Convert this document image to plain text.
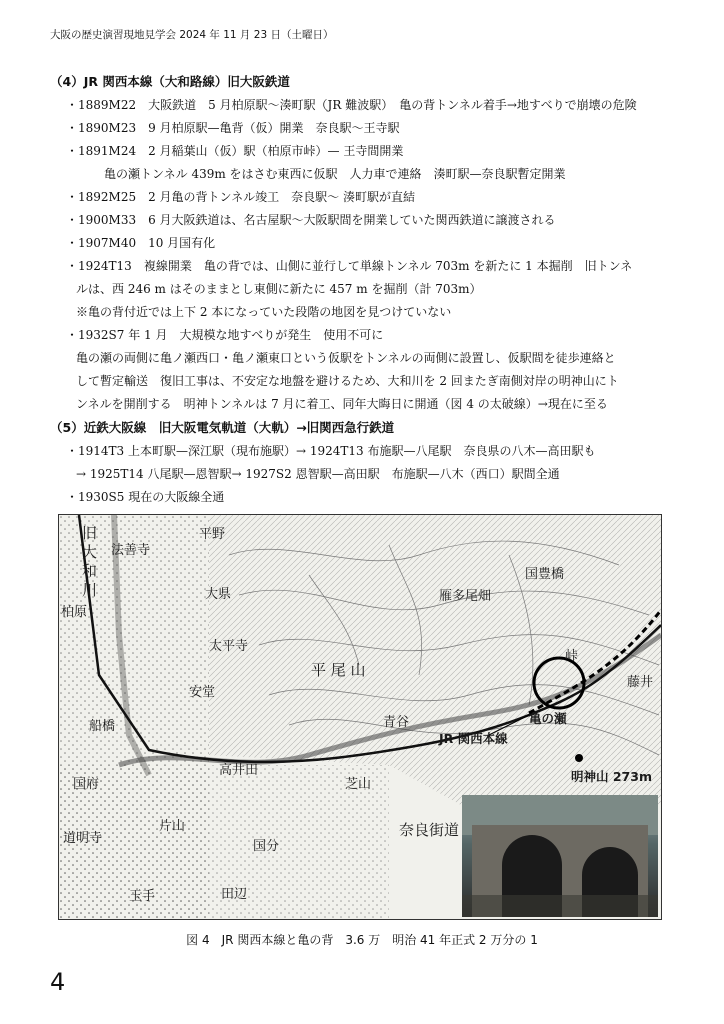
大阪の歴史演習現地見学会 2024 年 11 月 23 日（土曜日）
（4）JR 関西本線（大和路線）旧大阪鉄道
・1889M22　大阪鉄道　5 月柏原駅〜湊町駅（JR 難波駅）　亀の背トンネル着手→地すべりで崩壊の危険
・1890M23　9 月柏原駅—亀背（仮）開業　奈良駅〜王寺駅
・1891M24　2 月稲葉山（仮）駅（柏原市峠）— 王寺間開業
亀の瀬トンネル 439m をはさむ東西に仮駅　人力車で連絡　湊町駅—奈良駅暫定開業
・1892M25　2 月亀の背トンネル竣工　奈良駅〜 湊町駅が直結
・1900M33　6 月大阪鉄道は、名古屋駅〜大阪駅間を開業していた関西鉄道に譲渡される
・1907M40　10 月国有化
・1924T13　複線開業　亀の背では、山側に並行して単線トンネル 703m を新たに 1 本掘削　旧トンネ
ルは、西 246 m はそのままとし東側に新たに 457 m を掘削（計 703m）
※亀の背付近では上下 2 本になっていた段階の地図を見つけていない
・1932S7 年 1 月　大規模な地すべりが発生　使用不可に
亀の瀬の両側に亀ノ瀬西口・亀ノ瀬東口という仮駅をトンネルの両側に設置し、仮駅間を徒歩連絡と
して暫定輸送　復旧工事は、不安定な地盤を避けるため、大和川を 2 回またぎ南側対岸の明神山にト
ンネルを開削する　明神トンネルは 7 月に着工、同年大晦日に開通（図 4 の太破線）→現在に至る
（5）近鉄大阪線　旧大阪電気軌道（大軌）→旧関西急行鉄道
・1914T3 上本町駅—深江駅（現布施駅）→ 1924T13 布施駅—八尾駅　奈良県の八木—高田駅も
→ 1925T14 八尾駅—恩智駅→ 1927S2 恩智駅—高田駅　布施駅—八木（西口）駅間全通
・1930S5 現在の大阪線全通
旧大和川	平野
法善寺
柏原
大県
太平寺
安堂
船橋
国府
道明寺
玉手
高井田
片山
国分
田辺
青谷
芝山
平 尾 山
雁多尾畑
国豊橋
峠
藤井
奈良街道
亀の瀬
JR 関西本線
明神山 273m
図 4　JR 関西本線と亀の背　3.6 万　明治 41 年正式 2 万分の 1
4
